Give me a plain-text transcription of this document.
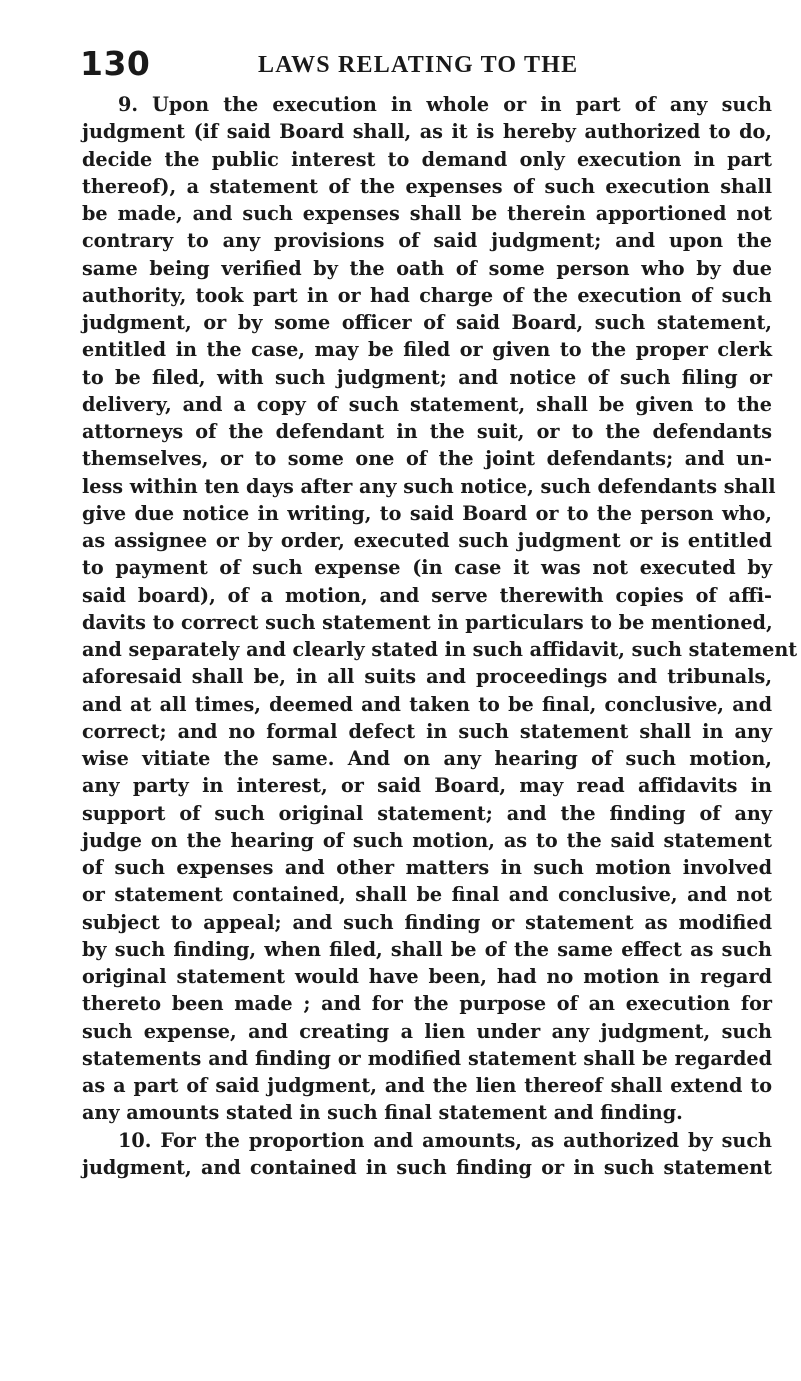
130	LAWS RELATING TO THE
9. Upon the execution in whole or in part of any such
judgment (if said Board shall, as it is hereby authorized to do,
decide the public interest to demand only execution in part
thereof), a statement of the expenses of such execution shall
be made, and such expenses shall be therein apportioned not
contrary to any provisions of said judgment; and upon the
same being verified by the oath of some person who by due
authority, took part in or had charge of the execution of such
judgment, or by some officer of said Board, such statement,
entitled in the case, may be filed or given to the proper clerk
to be filed, with such judgment; and notice of such filing or
delivery, and a copy of such statement, shall be given to the
attorneys of the defendant in the suit, or to the defendants
themselves, or to some one of the joint defendants; and un-
less within ten days after any such notice, such defendants shall
give due notice in writing, to said Board or to the person who,
as assignee or by order, executed such judgment or is entitled
to payment of such expense (in case it was not executed by
said board), of a motion, and serve therewith copies of affi-
davits to correct such statement in particulars to be mentioned,
and separately and clearly stated in such affidavit, such statement
aforesaid shall be, in all suits and proceedings and tribunals,
and at all times, deemed and taken to be final, conclusive, and
correct; and no formal defect in such statement shall in any
wise vitiate the same. And on any hearing of such motion,
any party in interest, or said Board, may read affidavits in
support of such original statement; and the finding of any
judge on the hearing of such motion, as to the said statement
of such expenses and other matters in such motion involved
or statement contained, shall be final and conclusive, and not
subject to appeal; and such finding or statement as modified
by such finding, when filed, shall be of the same effect as such
original statement would have been, had no motion in regard
thereto been made ; and for the purpose of an execution for
such expense, and creating a lien under any judgment, such
statements and finding or modified statement shall be regarded
as a part of said judgment, and the lien thereof shall extend to
any amounts stated in such final statement and finding.
10. For the proportion and amounts, as authorized by such
judgment, and contained in such finding or in such statement
